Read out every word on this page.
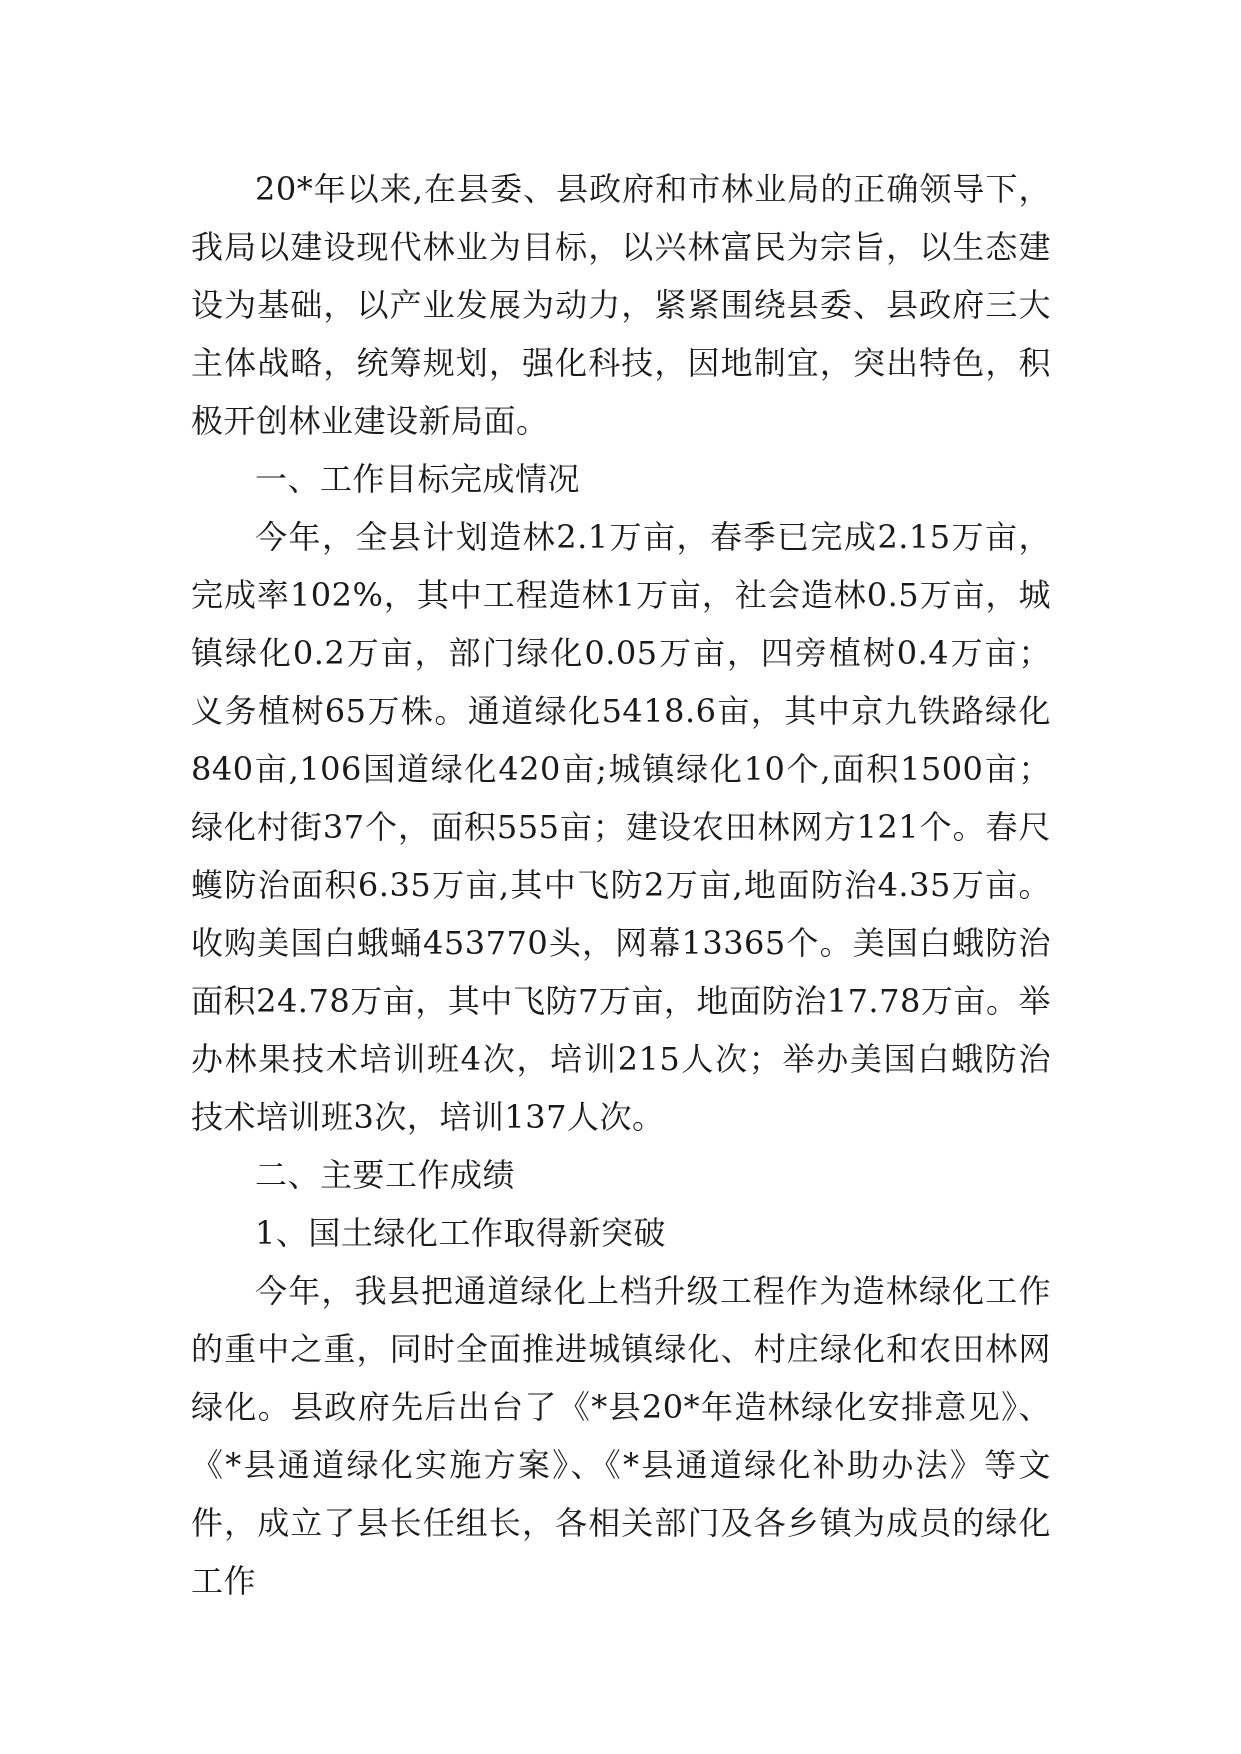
20*年以来,在县委、县政府和市林业局的正确领导下，我局以建设现代林业为目标，以兴林富民为宗旨，以生态建设为基础，以产业发展为动力，紧紧围绕县委、县政府三大主体战略，统筹规划，强化科技，因地制宜，突出特色，积极开创林业建设新局面。

一、工作目标完成情况

今年，全县计划造林2.1万亩，春季已完成2.15万亩，完成率102%，其中工程造林1万亩，社会造林0.5万亩，城镇绿化0.2万亩，部门绿化0.05万亩，四旁植树0.4万亩；义务植树65万株。通道绿化5418.6亩，其中京九铁路绿化840亩,106国道绿化420亩;城镇绿化10个,面积1500亩；绿化村街37个，面积555亩；建设农田林网方121个。春尺蠖防治面积6.35万亩,其中飞防2万亩,地面防治4.35万亩。收购美国白蛾蛹453770头，网幕13365个。美国白蛾防治面积24.78万亩，其中飞防7万亩，地面防治17.78万亩。举办林果技术培训班4次，培训215人次；举办美国白蛾防治技术培训班3次，培训137人次。

二、主要工作成绩

1、国土绿化工作取得新突破

今年，我县把通道绿化上档升级工程作为造林绿化工作的重中之重，同时全面推进城镇绿化、村庄绿化和农田林网绿化。县政府先后出台了《*县20*年造林绿化安排意见》、《*县通道绿化实施方案》、《*县通道绿化补助办法》等文件，成立了县长任组长，各相关部门及各乡镇为成员的绿化工作
